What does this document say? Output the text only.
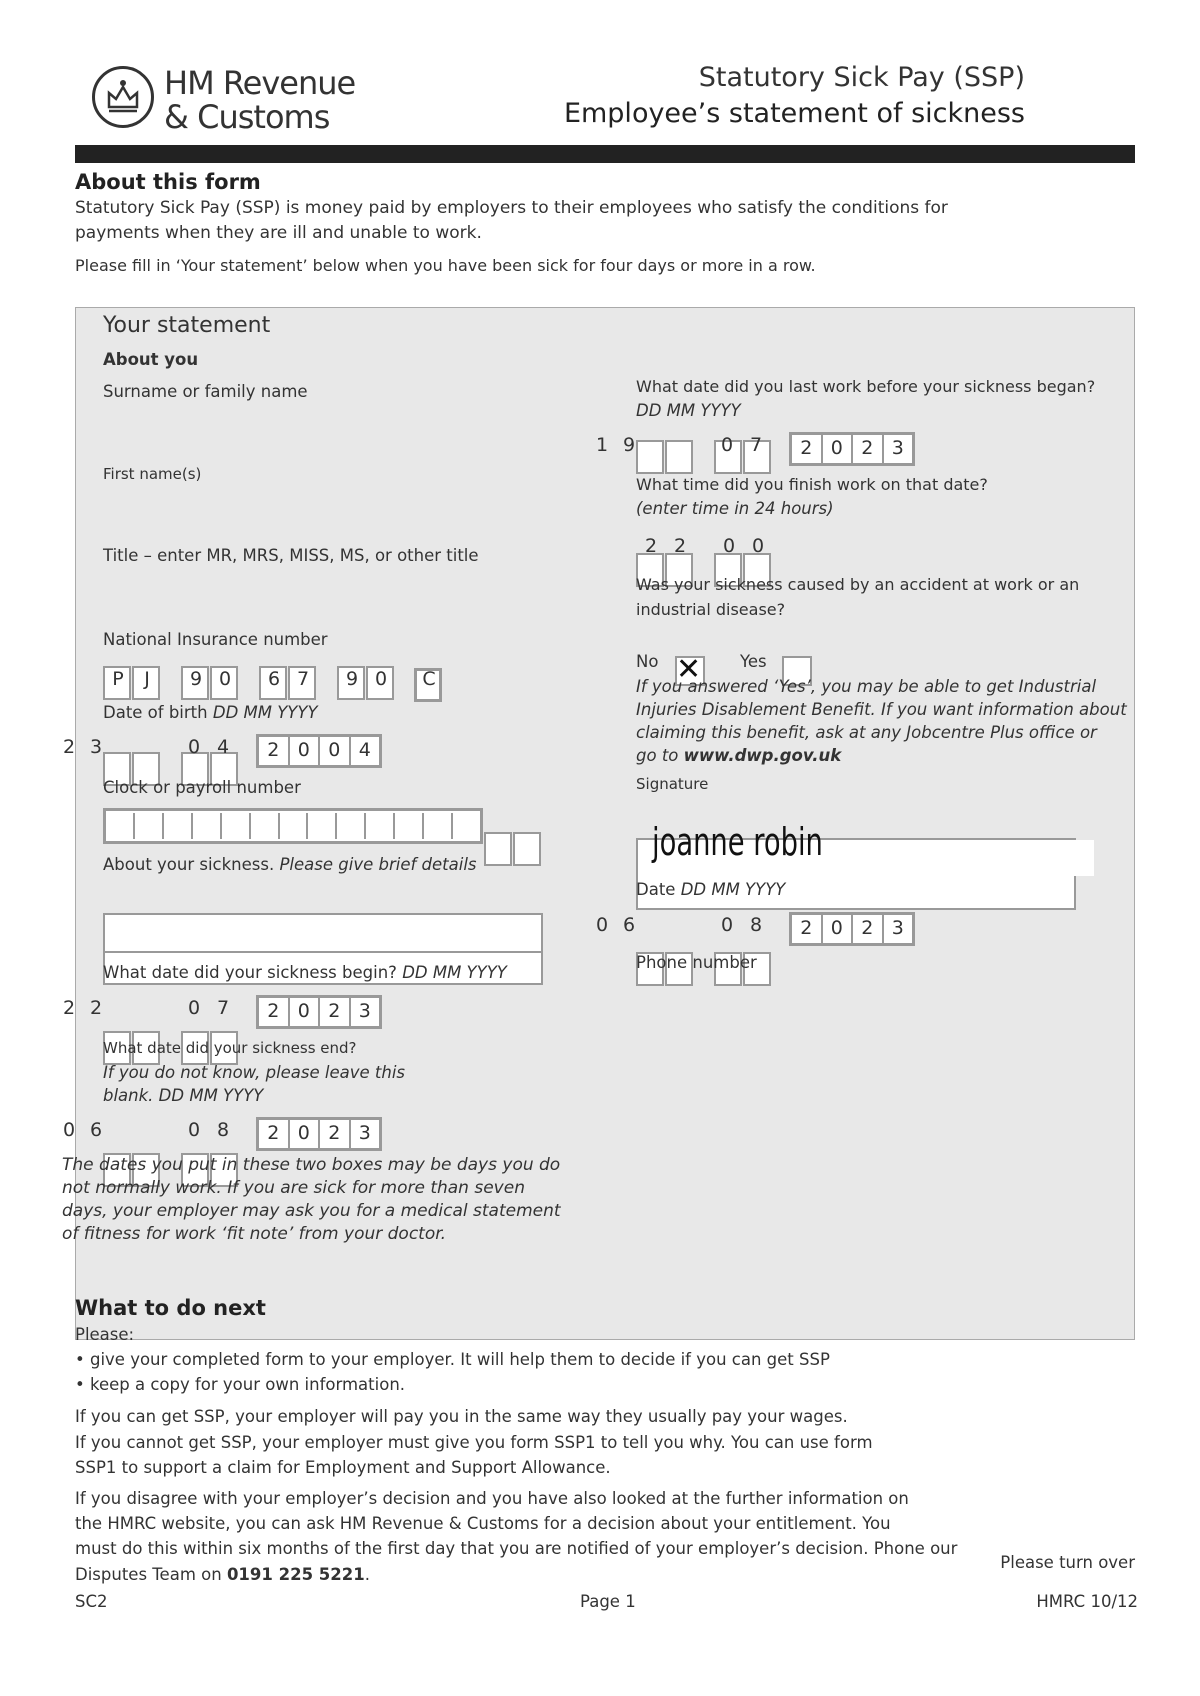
HM Revenue
& Customs
Statutory Sick Pay (SSP)
Employee’s statement of sickness
About this form
Statutory Sick Pay (SSP) is money paid by employers to their employees who satisfy the conditions for
payments when they are ill and unable to work.
Please fill in ‘Your statement’ below when you have been sick for four days or more in a row.
Your statement
About you
Surname or family name
First name(s)
Title – enter MR, MRS, MISS, MS, or other title
National Insurance number
P	J	9 0 6 7 9 0 C
Date of birth DD MM YYYY
2 3	0 4	2 0 0 4
Clock or payroll number
About your sickness. Please give brief details
What date did your sickness begin? DD MM YYYY
2 2	0 7	2 0 2 3
What date did your sickness end?
If you do not know, please leave this
blank. DD MM YYYY
0 6	0 8	2 0 2 3
The dates you put in these two boxes may be days you do
not normally work. If you are sick for more than seven
days, your employer may ask you for a medical statement
of fitness for work ‘fit note’ from your doctor.
What date did you last work before your sickness began?
DD MM YYYY
1 9	0 7	2 0 2 3
What time did you finish work on that date?
(enter time in 24 hours)
2 2 0 0
Was your sickness caused by an accident at work or an
industrial disease?
No ✕ Yes
If you answered ‘Yes’, you may be able to get Industrial
Injuries Disablement Benefit. If you want information about
claiming this benefit, ask at any Jobcentre Plus office or
go to www.dwp.gov.uk
Signature
joanne robin
Date DD MM YYYY
0 6	0 8	2 0 2 3
Phone number
What to do next
Please:
• give your completed form to your employer. It will help them to decide if you can get SSP
• keep a copy for your own information.
If you can get SSP, your employer will pay you in the same way they usually pay your wages.
If you cannot get SSP, your employer must give you form SSP1 to tell you why. You can use form
SSP1 to support a claim for Employment and Support Allowance.
If you disagree with your employer’s decision and you have also looked at the further information on
the HMRC website, you can ask HM Revenue & Customs for a decision about your entitlement. You
must do this within six months of the first day that you are notified of your employer’s decision. Phone our
Disputes Team on 0191 225 5221.
Please turn over
SC2	Page 1	HMRC 10/12
